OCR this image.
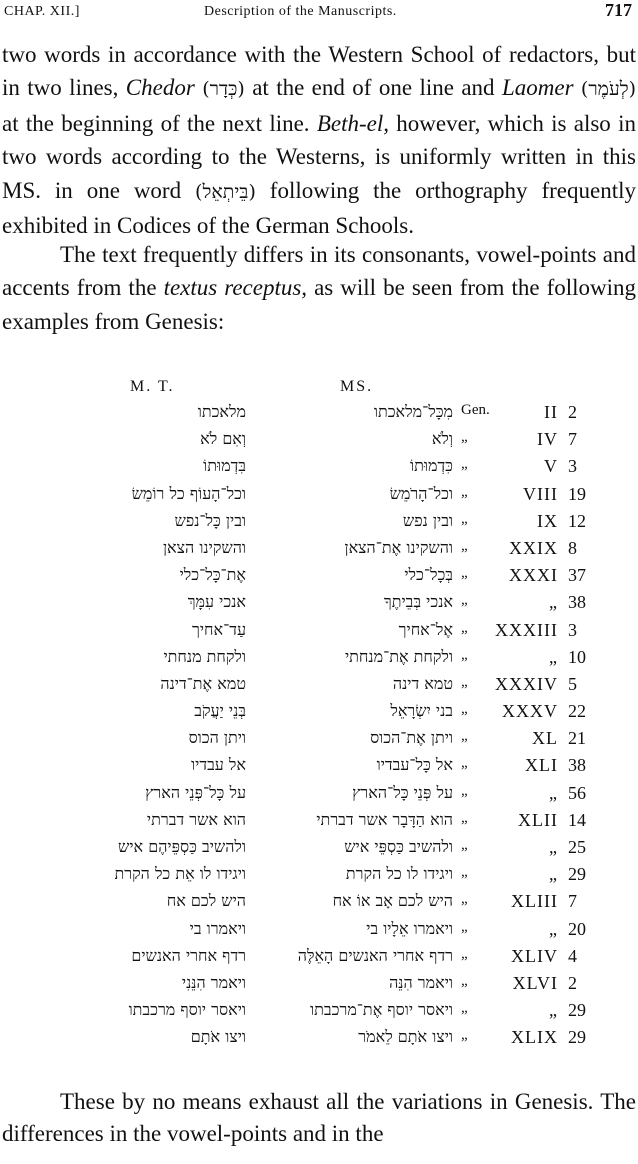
CHAP. XII.]	Description of the Manuscripts.	717
two words in accordance with the Western School of redactors, but in two lines, Chedor (כְּדָר) at the end of one line and Laomer (לְעֹמֶר) at the beginning of the next line. Beth-el, however, which is also in two words according to the Westerns, is uniformly written in this MS. in one word (בֵּיתְאֵל) following the orthography frequently exhibited in Codices of the German Schools.
The text frequently differs in its consonants, vowel-points and accents from the textus receptus, as will be seen from the following examples from Genesis:
M. T.	MS.
מלאכתו	מִכָּל־מלאכתו Gen.	II 2
וְאִם לֹא	וְלֹא „	IV 7
בִּדְמוּתוֹ	כִּדְמוּתוֹ „	V 3
וכל־הָעוֹף כל רוֹמֵשׂ	וכל־הָרֹמֵשׂ „	VIII 19
ובין כָּל־נפש	ובין נפש „	IX 12
והשקינו הצאן	והשקינו אֶת־הצאן „ XXIX 8
אֶת־כָּל־כלי	בְּכָל־כלי „ XXXI 37
אנכי עִמָּךְ	אנכי בְּבֵיתֶךָ „	„ 38
עַד־אחיך	אֶל־אחיך „ XXXIII 3
ולקחת מנחתי	ולקחת אֶת־מנחתי „	„ 10
טמא אֶת־דינה	טמא דינה „ XXXIV 5
בְּנֵי יַעֲקֹב	בני יִשְׂרָאֵל „ XXXV 22
ויתן הכוס	ויתן אֶת־הכוס „	XL 21
אל עבדיו	אל כָּל־עבדיו „	XLI 38
על כָּל־פְּנֵי הארץ	על פְּנֵי כָּל־הארץ „	„ 56
הוא אשר דברתי	הוא הַדָּבָר אשר דברתי „	XLII 14
ולהשיב כַּסְפֵּיהֶם איש	ולהשיב כַּסְפֵּי איש „	„ 25
ויגידו לו אֵת כל הקרת	ויגידו לו כל הקרת „	„ 29
היש לכם אח	היש לכם אָב אוֹ אח „ XLIII 7
ויאמרו בי	ויאמרו אֵלָיו בי „	„ 20
רדף אחרי האנשים	רדף אחרי האנשים הָאֵלֶּה „ XLIV 4
ויאמר הִנֵּנִי	ויאמר הִנֵּה „ XLVI 2
ויאסר יוסף מרכבתו	ויאסר יוסף אֶת־מרכבתו „	„ 29
ויצו אֹתָם	ויצו אֹתָם לֵאמֹר „ XLIX 29
These by no means exhaust all the variations in Genesis. The differences in the vowel-points and in the
